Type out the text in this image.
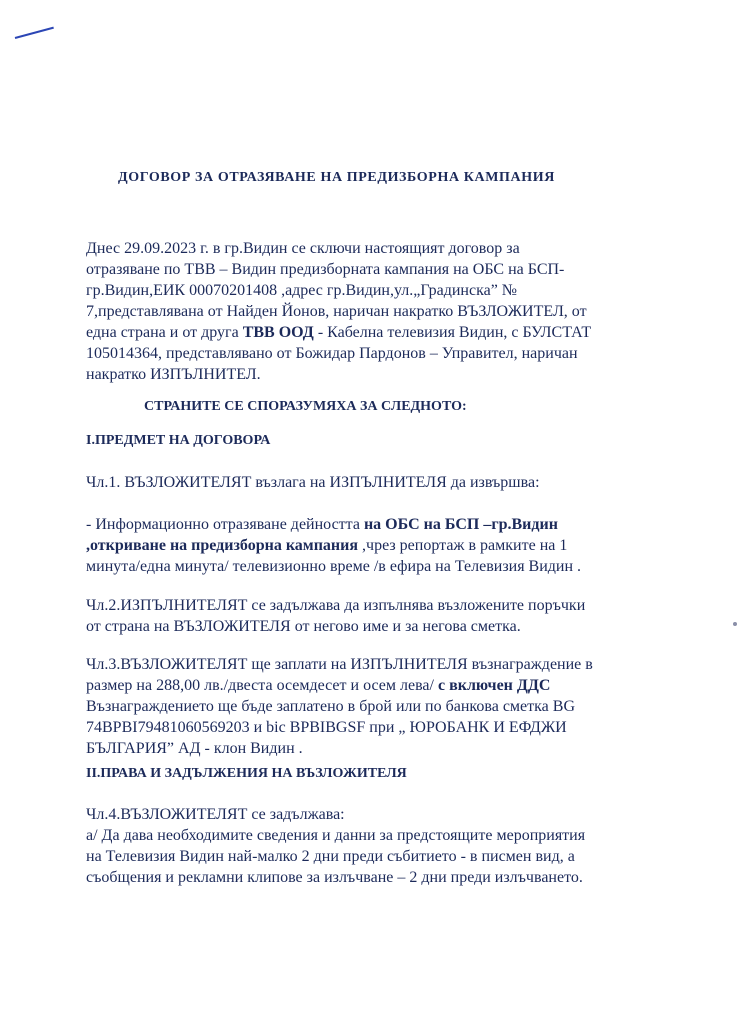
ДОГОВОР ЗА ОТРАЗЯВАНЕ НА ПРЕДИЗБОРНА КАМПАНИЯ
Днес 29.09.2023 г. в гр.Видин се сключи настоящият договор за
отразяване по ТВВ – Видин предизборната кампания на ОБС на БСП-
гр.Видин,ЕИК 00070201408 ,адрес гр.Видин,ул.„Градинска” №
7,представлявана от Найден Йонов, наричан накратко ВЪЗЛОЖИТЕЛ, от
една страна и от друга ТВВ ООД - Кабелна телевизия Видин, с БУЛСТАТ
105014364, представлявано от Божидар Пардонов – Управител, наричан
накратко ИЗПЪЛНИТЕЛ.
СТРАНИТЕ СЕ СПОРАЗУМЯХА ЗА СЛЕДНОТО:
I.ПРЕДМЕТ НА ДОГОВОРА
Чл.1. ВЪЗЛОЖИТЕЛЯТ възлага на ИЗПЪЛНИТЕЛЯ да извършва:
- Информационно отразяване дейността на ОБС на БСП –гр.Видин
,откриване на предизборна кампания ,чрез репортаж в рамките на 1
минута/една минута/ телевизионно време /в ефира на Телевизия Видин .
Чл.2.ИЗПЪЛНИТЕЛЯТ се задължава да изпълнява възложените поръчки
от страна на ВЪЗЛОЖИТЕЛЯ от негово име и за негова сметка.
Чл.3.ВЪЗЛОЖИТЕЛЯТ ще заплати на ИЗПЪЛНИТЕЛЯ възнаграждение в
размер на 288,00 лв./двеста осемдесет и осем лева/ с включен ДДС
Възнаграждението ще бъде заплатено в брой или по банкова сметка BG
74BPBI79481060569203 и bic BPBIBGSF при „ ЮРОБАНК И ЕФДЖИ
БЪЛГАРИЯ” АД - клон Видин .
II.ПРАВА И ЗАДЪЛЖЕНИЯ НА ВЪЗЛОЖИТЕЛЯ
Чл.4.ВЪЗЛОЖИТЕЛЯТ се задължава:
а/ Да дава необходимите сведения и данни за предстоящите мероприятия
на Телевизия Видин най-малко 2 дни преди събитието - в писмен вид, а
съобщения и рекламни клипове за излъчване – 2 дни преди излъчването.
